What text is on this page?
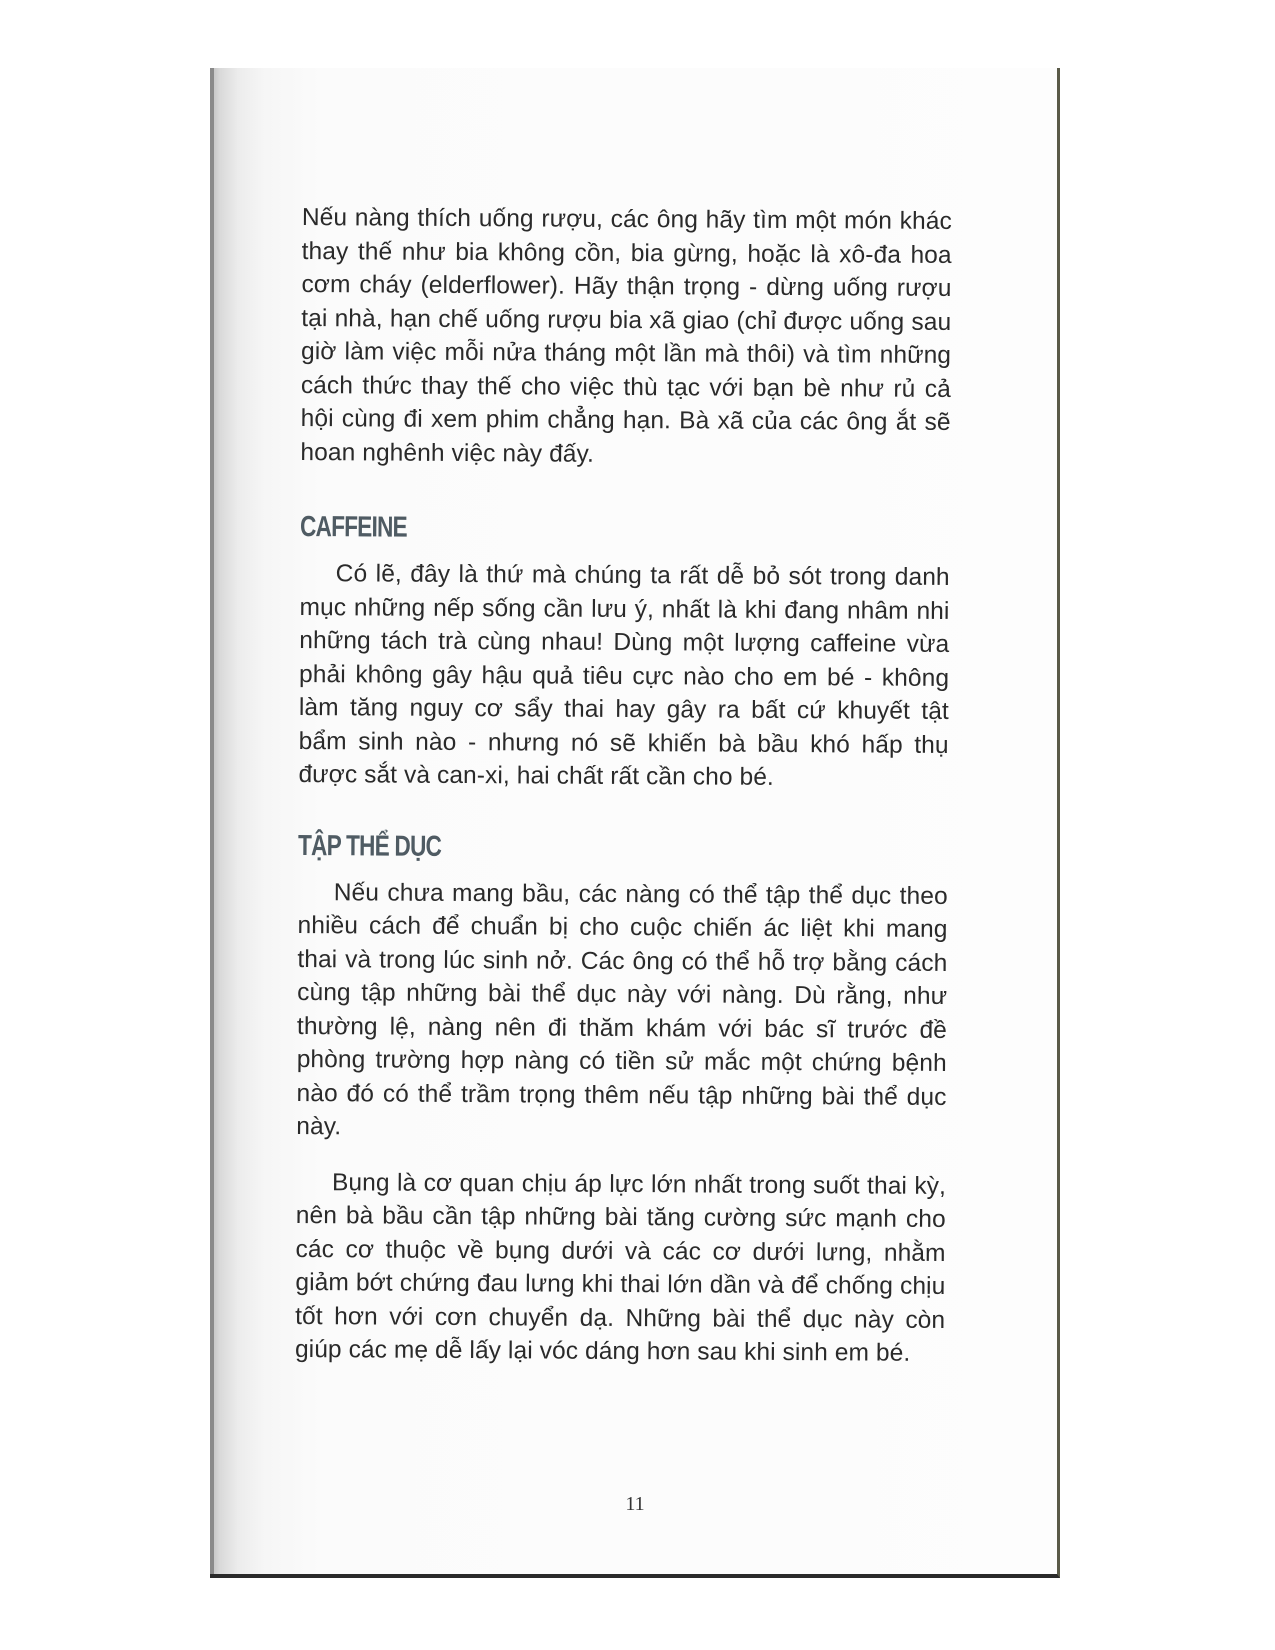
Nếu nàng thích uống rượu, các ông hãy tìm một món khác thay thế như bia không cồn, bia gừng, hoặc là xô-đa hoa cơm cháy (elderflower). Hãy thận trọng - dừng uống rượu tại nhà, hạn chế uống rượu bia xã giao (chỉ được uống sau giờ làm việc mỗi nửa tháng một lần mà thôi) và tìm những cách thức thay thế cho việc thù tạc với bạn bè như rủ cả hội cùng đi xem phim chẳng hạn. Bà xã của các ông ắt sẽ hoan nghênh việc này đấy.

CAFFEINE

Có lẽ, đây là thứ mà chúng ta rất dễ bỏ sót trong danh mục những nếp sống cần lưu ý, nhất là khi đang nhâm nhi những tách trà cùng nhau! Dùng một lượng caffeine vừa phải không gây hậu quả tiêu cực nào cho em bé - không làm tăng nguy cơ sẩy thai hay gây ra bất cứ khuyết tật bẩm sinh nào - nhưng nó sẽ khiến bà bầu khó hấp thụ được sắt và can-xi, hai chất rất cần cho bé.

TẬP THỂ DỤC

Nếu chưa mang bầu, các nàng có thể tập thể dục theo nhiều cách để chuẩn bị cho cuộc chiến ác liệt khi mang thai và trong lúc sinh nở. Các ông có thể hỗ trợ bằng cách cùng tập những bài thể dục này với nàng. Dù rằng, như thường lệ, nàng nên đi thăm khám với bác sĩ trước đề phòng trường hợp nàng có tiền sử mắc một chứng bệnh nào đó có thể trầm trọng thêm nếu tập những bài thể dục này.

Bụng là cơ quan chịu áp lực lớn nhất trong suốt thai kỳ, nên bà bầu cần tập những bài tăng cường sức mạnh cho các cơ thuộc về bụng dưới và các cơ dưới lưng, nhằm giảm bớt chứng đau lưng khi thai lớn dần và để chống chịu tốt hơn với cơn chuyển dạ. Những bài thể dục này còn giúp các mẹ dễ lấy lại vóc dáng hơn sau khi sinh em bé.

11
